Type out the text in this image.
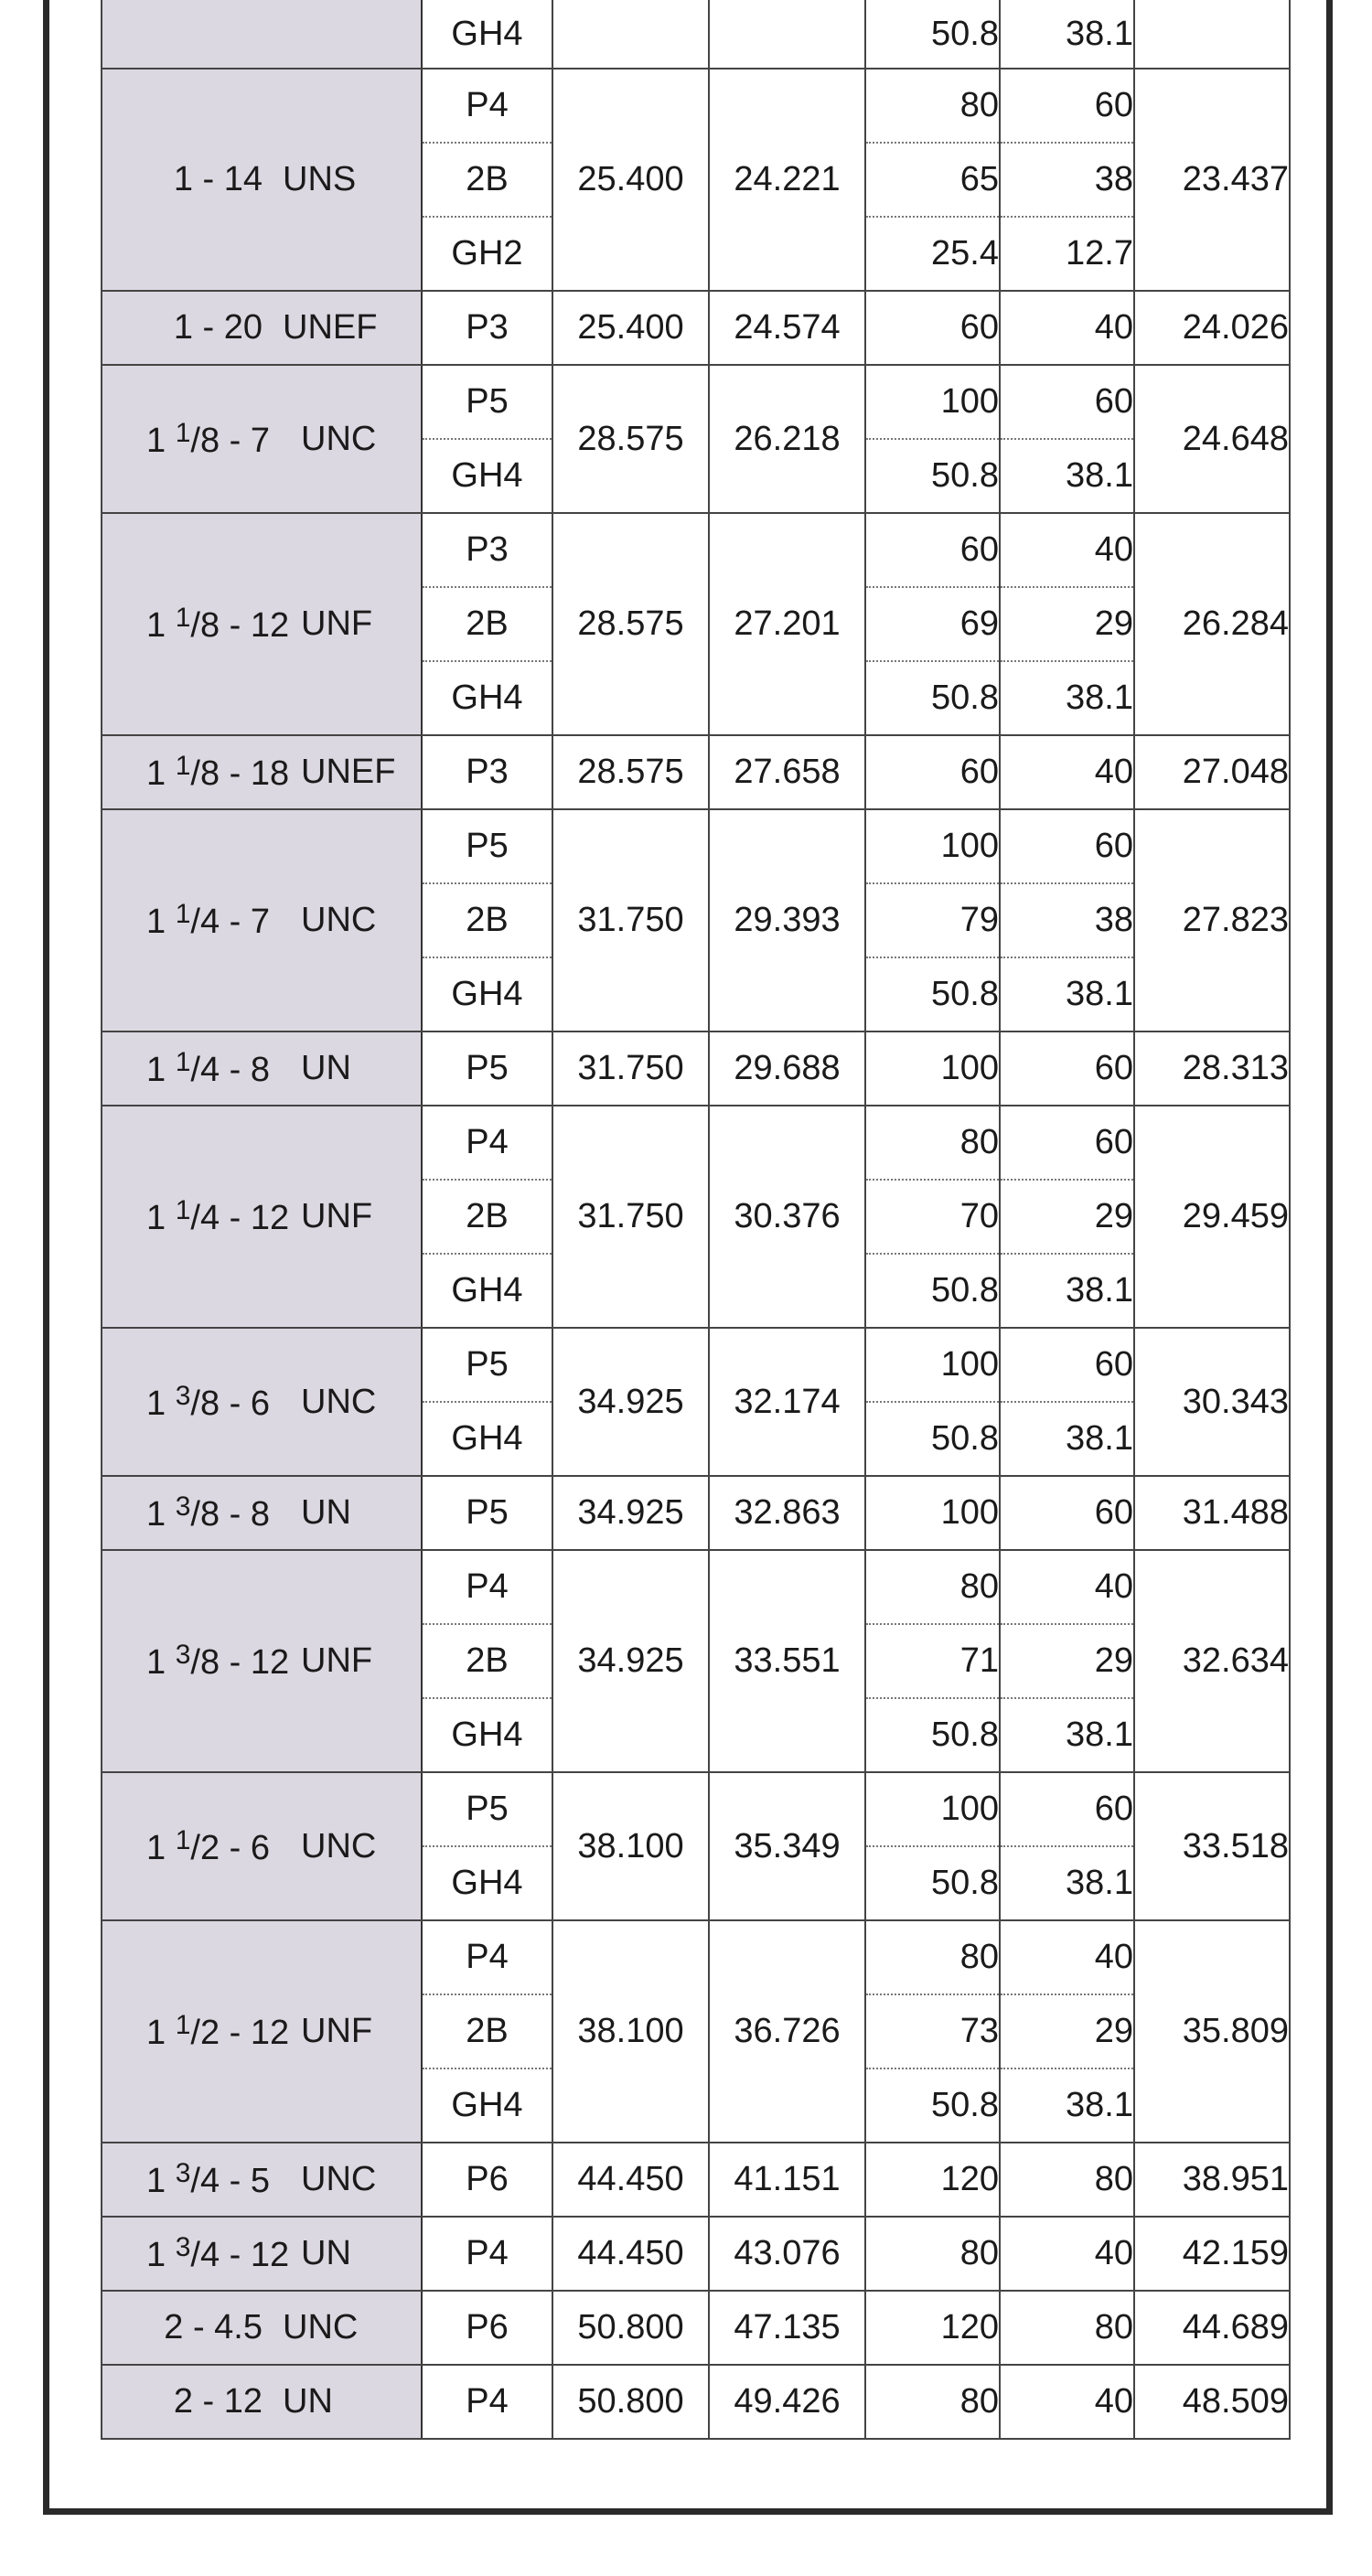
	GH4			50.8	38.1	

1 - 14 UNS	P4	25.400	24.221	80	60	23.437
	2B			65	38	
	GH2			25.4	12.7	

1 - 20 UNEF	P3	25.400	24.574	60	40	24.026

1 $^1$/8 - 7 UNC	P5	28.575	26.218	100	60	24.648
	GH4			50.8	38.1	

1 $^1$/8 - 12 UNF	P3	28.575	27.201	60	40	26.284
	2B			69	29	
	GH4			50.8	38.1	

1 $^1$/8 - 18 UNEF	P3	28.575	27.658	60	40	27.048

1 $^1$/4 - 7 UNC	P5	31.750	29.393	100	60	27.823
	2B			79	38	
	GH4			50.8	38.1	

1 $^1$/4 - 8 UN	P5	31.750	29.688	100	60	28.313

1 $^1$/4 - 12 UNF	P4	31.750	30.376	80	60	29.459
	2B			70	29	
	GH4			50.8	38.1	

1 $^3$/8 - 6 UNC	P5	34.925	32.174	100	60	30.343
	GH4			50.8	38.1	

1 $^3$/8 - 8 UN	P5	34.925	32.863	100	60	31.488

1 $^3$/8 - 12 UNF	P4	34.925	33.551	80	40	32.634
	2B			71	29	
	GH4			50.8	38.1	

1 $^1$/2 - 6 UNC	P5	38.100	35.349	100	60	33.518
	GH4			50.8	38.1	

1 $^1$/2 - 12 UNF	P4	38.100	36.726	80	40	35.809
	2B			73	29	
	GH4			50.8	38.1	

1 $^3$/4 - 5 UNC	P6	44.450	41.151	120	80	38.951

1 $^3$/4 - 12 UN	P4	44.450	43.076	80	40	42.159

2 - 4.5 UNC	P6	50.800	47.135	120	80	44.689

2 - 12 UN	P4	50.800	49.426	80	40	48.509
